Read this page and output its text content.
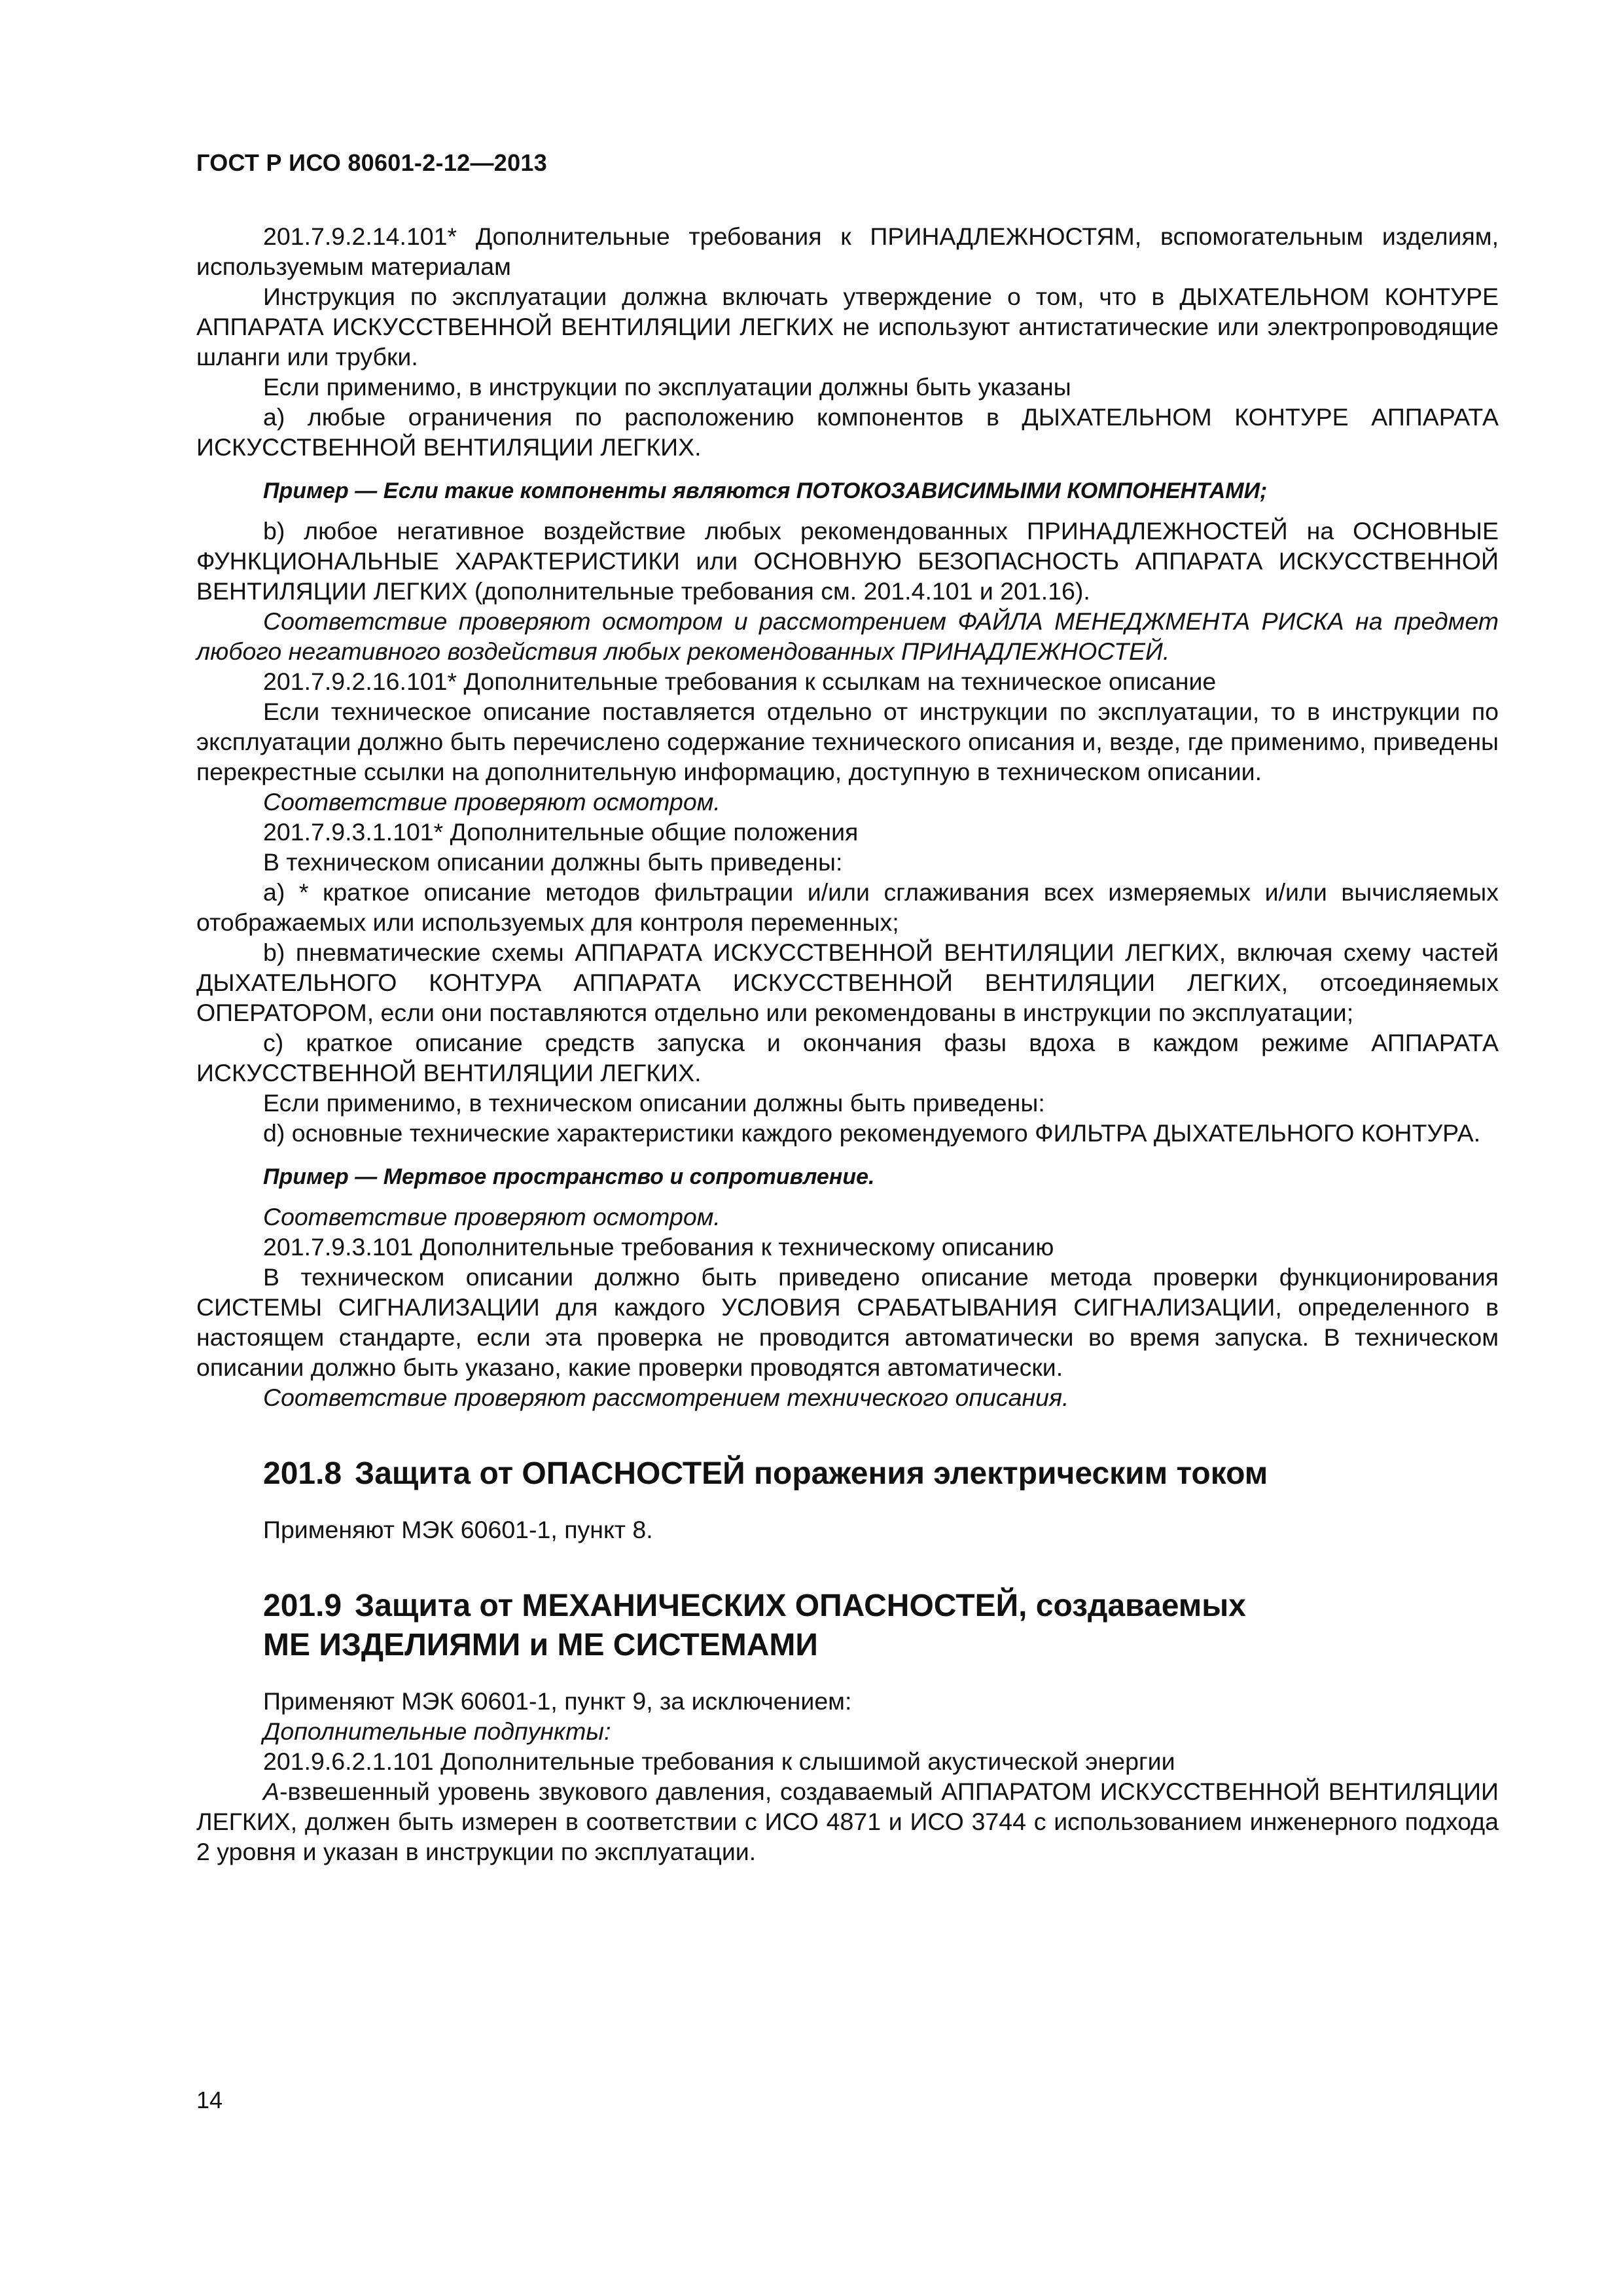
ГОСТ Р ИСО 80601-2-12—2013

201.7.9.2.14.101* Дополнительные требования к ПРИНАДЛЕЖНОСТЯМ, вспомогательным изделиям, используемым материалам

Инструкция по эксплуатации должна включать утверждение о том, что в ДЫХАТЕЛЬНОМ КОНТУРЕ АППАРАТА ИСКУССТВЕННОЙ ВЕНТИЛЯЦИИ ЛЕГКИХ не используют антистатические или электропроводящие шланги или трубки.

Если применимо, в инструкции по эксплуатации должны быть указаны

a) любые ограничения по расположению компонентов в ДЫХАТЕЛЬНОМ КОНТУРЕ АППАРАТА ИСКУССТВЕННОЙ ВЕНТИЛЯЦИИ ЛЕГКИХ.

Пример — Если такие компоненты являются ПОТОКОЗАВИСИМЫМИ КОМПОНЕНТАМИ;

b) любое негативное воздействие любых рекомендованных ПРИНАДЛЕЖНОСТЕЙ на ОСНОВНЫЕ ФУНКЦИОНАЛЬНЫЕ ХАРАКТЕРИСТИКИ или ОСНОВНУЮ БЕЗОПАСНОСТЬ АППАРАТА ИСКУССТВЕННОЙ ВЕНТИЛЯЦИИ ЛЕГКИХ (дополнительные требования см. 201.4.101 и 201.16).

Соответствие проверяют осмотром и рассмотрением ФАЙЛА МЕНЕДЖМЕНТА РИСКА на предмет любого негативного воздействия любых рекомендованных ПРИНАДЛЕЖНОСТЕЙ.

201.7.9.2.16.101* Дополнительные требования к ссылкам на техническое описание

Если техническое описание поставляется отдельно от инструкции по эксплуатации, то в инструкции по эксплуатации должно быть перечислено содержание технического описания и, везде, где применимо, приведены перекрестные ссылки на дополнительную информацию, доступную в техническом описании.

Соответствие проверяют осмотром.

201.7.9.3.1.101* Дополнительные общие положения

В техническом описании должны быть приведены:

a) * краткое описание методов фильтрации и/или сглаживания всех измеряемых и/или вычисляемых отображаемых или используемых для контроля переменных;

b) пневматические схемы АППАРАТА ИСКУССТВЕННОЙ ВЕНТИЛЯЦИИ ЛЕГКИХ, включая схему частей ДЫХАТЕЛЬНОГО КОНТУРА АППАРАТА ИСКУССТВЕННОЙ ВЕНТИЛЯЦИИ ЛЕГКИХ, отсоединяемых ОПЕРАТОРОМ, если они поставляются отдельно или рекомендованы в инструкции по эксплуатации;

c) краткое описание средств запуска и окончания фазы вдоха в каждом режиме АППАРАТА ИСКУССТВЕННОЙ ВЕНТИЛЯЦИИ ЛЕГКИХ.

Если применимо, в техническом описании должны быть приведены:

d) основные технические характеристики каждого рекомендуемого ФИЛЬТРА ДЫХАТЕЛЬНОГО КОНТУРА.

Пример — Мертвое пространство и сопротивление.

Соответствие проверяют осмотром.

201.7.9.3.101 Дополнительные требования к техническому описанию

В техническом описании должно быть приведено описание метода проверки функционирования СИСТЕМЫ СИГНАЛИЗАЦИИ для каждого УСЛОВИЯ СРАБАТЫВАНИЯ СИГНАЛИЗАЦИИ, определенного в настоящем стандарте, если эта проверка не проводится автоматически во время запуска. В техническом описании должно быть указано, какие проверки проводятся автоматически.

Соответствие проверяют рассмотрением технического описания.

201.8 Защита от ОПАСНОСТЕЙ поражения электрическим током

Применяют МЭК 60601-1, пункт 8.

201.9 Защита от МЕХАНИЧЕСКИХ ОПАСНОСТЕЙ, создаваемых
МЕ ИЗДЕЛИЯМИ и МЕ СИСТЕМАМИ

Применяют МЭК 60601-1, пункт 9, за исключением:

Дополнительные подпункты:

201.9.6.2.1.101 Дополнительные требования к слышимой акустической энергии

А-взвешенный уровень звукового давления, создаваемый АППАРАТОМ ИСКУССТВЕННОЙ ВЕНТИЛЯЦИИ ЛЕГКИХ, должен быть измерен в соответствии с ИСО 4871 и ИСО 3744 с использованием инженерного подхода 2 уровня и указан в инструкции по эксплуатации.

14
